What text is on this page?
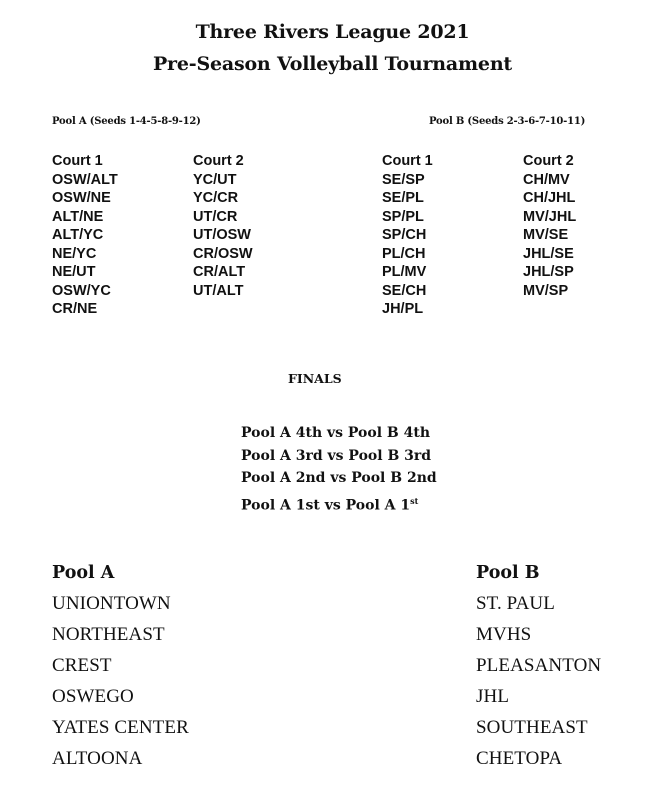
Three Rivers League 2021
Pre-Season Volleyball Tournament
Pool A (Seeds 1-4-5-8-9-12)	Pool B (Seeds 2-3-6-7-10-11)
Court 1
OSW/ALT
OSW/NE
ALT/NE
ALT/YC
NE/YC
NE/UT
OSW/YC
CR/NE
Court 2
YC/UT
YC/CR
UT/CR
UT/OSW
CR/OSW
CR/ALT
UT/ALT
Court 1
SE/SP
SE/PL
SP/PL
SP/CH
PL/CH
PL/MV
SE/CH
JH/PL
Court 2
CH/MV
CH/JHL
MV/JHL
MV/SE
JHL/SE
JHL/SP
MV/SP
FINALS
Pool A 4th vs Pool B 4th
Pool A 3rd vs Pool B 3rd
Pool A 2nd vs Pool B 2nd
Pool A 1st vs Pool A 1st
Pool A
UNIONTOWN
NORTHEAST
CREST
OSWEGO
YATES CENTER
ALTOONA
Pool B
ST. PAUL
MVHS
PLEASANTON
JHL
SOUTHEAST
CHETOPA
